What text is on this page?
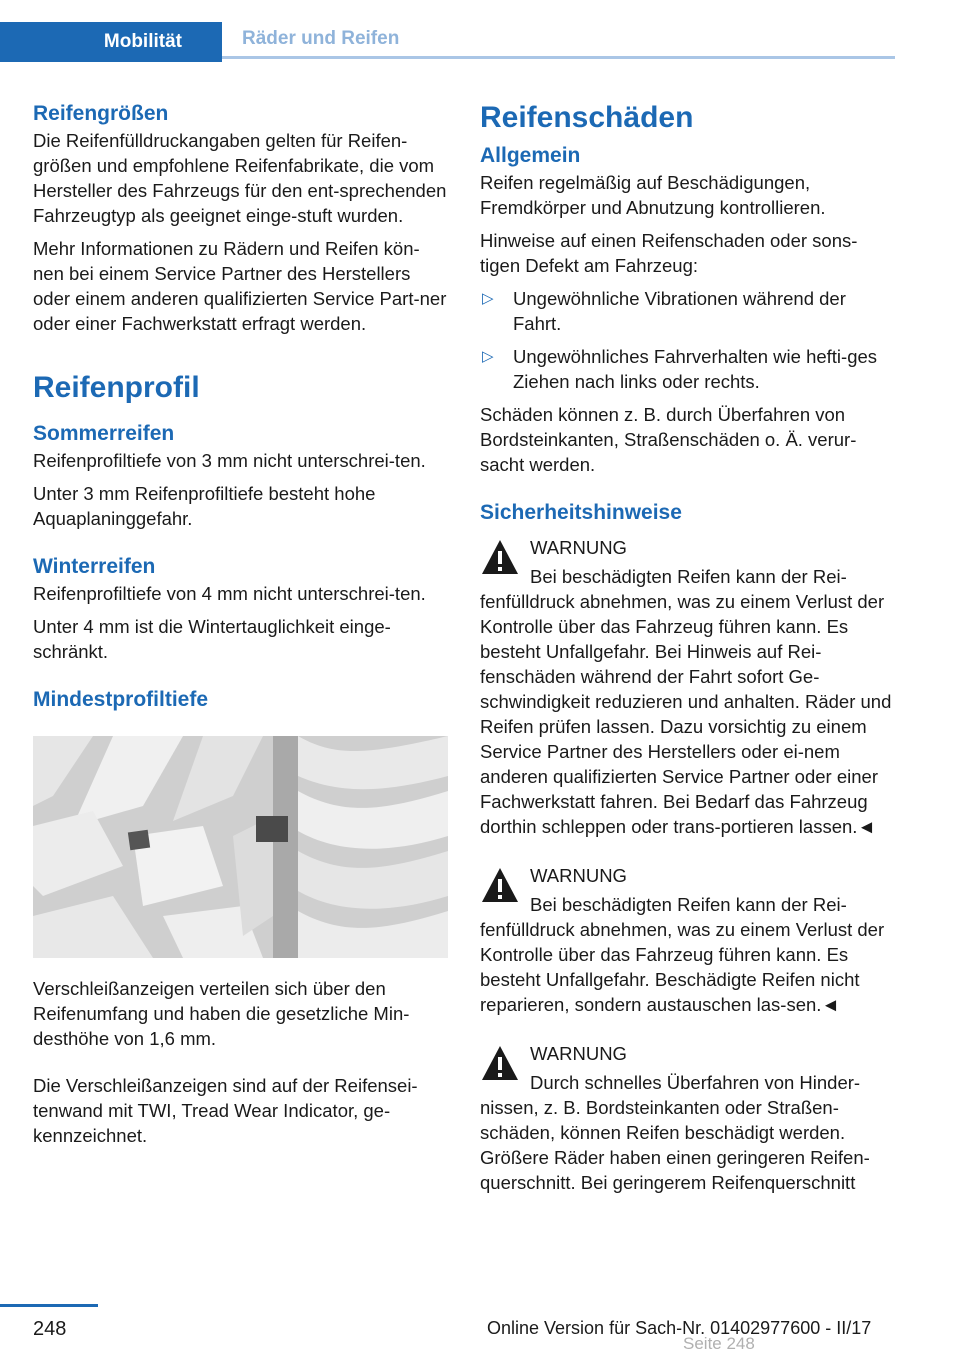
Mobilität	Räder und Reifen
Reifengrößen

Die Reifenfülldruckangaben gelten für Reifen-größen und empfohlene Reifenfabrikate, die vom Hersteller des Fahrzeugs für den ent-sprechenden Fahrzeugtyp als geeignet einge-stuft wurden.

Mehr Informationen zu Rädern und Reifen kön-nen bei einem Service Partner des Herstellers oder einem anderen qualifizierten Service Part-ner oder einer Fachwerkstatt erfragt werden.

Reifenprofil
Sommerreifen

Reifenprofiltiefe von 3 mm nicht unterschrei-ten.

Unter 3 mm Reifenprofiltiefe besteht hohe Aquaplaninggefahr.

Winterreifen

Reifenprofiltiefe von 4 mm nicht unterschrei-ten.

Unter 4 mm ist die Wintertauglichkeit einge-schränkt.

Mindestprofiltiefe

Verschleißanzeigen verteilen sich über den Reifenumfang und haben die gesetzliche Min-desthöhe von 1,6 mm.

Die Verschleißanzeigen sind auf der Reifensei-tenwand mit TWI, Tread Wear Indicator, ge-kennzeichnet.

Reifenschäden
Allgemein

Reifen regelmäßig auf Beschädigungen, Fremdkörper und Abnutzung kontrollieren.

Hinweise auf einen Reifenschaden oder sons-tigen Defekt am Fahrzeug:

▷ Ungewöhnliche Vibrationen während der Fahrt.
▷ Ungewöhnliches Fahrverhalten wie hefti-ges Ziehen nach links oder rechts.

Schäden können z. B. durch Überfahren von Bordsteinkanten, Straßenschäden o. Ä. verur-sacht werden.

Sicherheitshinweise
WARNUNG

Bei beschädigten Reifen kann der Rei-fenfülldruck abnehmen, was zu einem Verlust der Kontrolle über das Fahrzeug führen kann. Es besteht Unfallgefahr. Bei Hinweis auf Rei-fenschäden während der Fahrt sofort Ge-schwindigkeit reduzieren und anhalten. Räder und Reifen prüfen lassen. Dazu vorsichtig zu einem Service Partner des Herstellers oder ei-nem anderen qualifizierten Service Partner oder einer Fachwerkstatt fahren. Bei Bedarf das Fahrzeug dorthin schleppen oder trans-portieren lassen.◄

WARNUNG

Bei beschädigten Reifen kann der Rei-fenfülldruck abnehmen, was zu einem Verlust der Kontrolle über das Fahrzeug führen kann. Es besteht Unfallgefahr. Beschädigte Reifen nicht reparieren, sondern austauschen las-sen.◄

WARNUNG

Durch schnelles Überfahren von Hinder-nissen, z. B. Bordsteinkanten oder Straßen-schäden, können Reifen beschädigt werden. Größere Räder haben einen geringeren Reifen-querschnitt. Bei geringerem Reifenquerschnitt

248	Online Version für Sach-Nr. 01402977600 - II/17
Seite 248
